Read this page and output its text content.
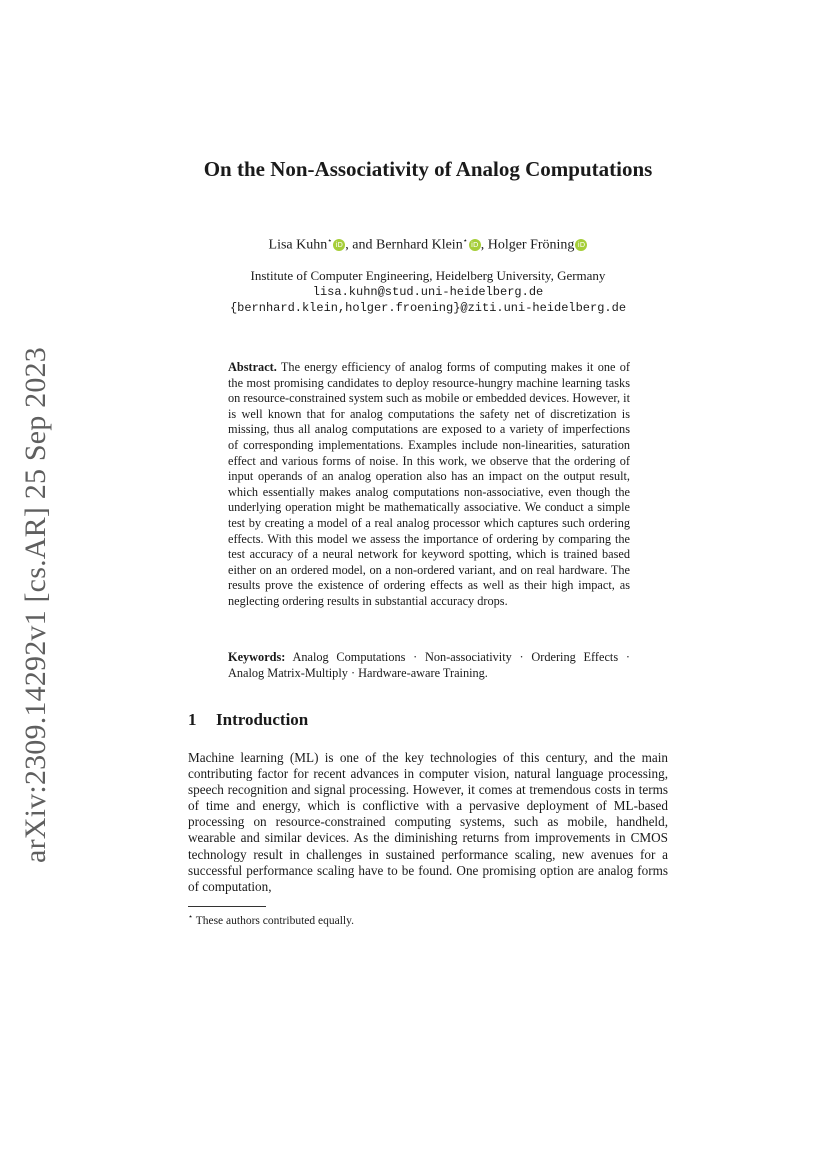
arXiv:2309.14292v1 [cs.AR] 25 Sep 2023
On the Non-Associativity of Analog Computations
Lisa Kuhn⋆ iD , and Bernhard Klein⋆ iD , Holger Fröning iD
Institute of Computer Engineering, Heidelberg University, Germany
lisa.kuhn@stud.uni-heidelberg.de
{bernhard.klein,holger.froening}@ziti.uni-heidelberg.de
Abstract. The energy efficiency of analog forms of computing makes it one of the most promising candidates to deploy resource-hungry machine learning tasks on resource-constrained system such as mobile or embedded devices. However, it is well known that for analog computations the safety net of discretization is missing, thus all analog computations are exposed to a variety of imperfections of corresponding implementations. Examples include non-linearities, saturation effect and various forms of noise. In this work, we observe that the ordering of input operands of an analog operation also has an impact on the output result, which essentially makes analog computations non-associative, even though the underlying operation might be mathematically associative. We conduct a simple test by creating a model of a real analog processor which captures such ordering effects. With this model we assess the importance of ordering by comparing the test accuracy of a neural network for keyword spotting, which is trained based either on an ordered model, on a non-ordered variant, and on real hardware. The results prove the existence of ordering effects as well as their high impact, as neglecting ordering results in substantial accuracy drops.
Keywords: Analog Computations · Non-associativity · Ordering Effects · Analog Matrix-Multiply · Hardware-aware Training.
1 Introduction
Machine learning (ML) is one of the key technologies of this century, and the main contributing factor for recent advances in computer vision, natural language processing, speech recognition and signal processing. However, it comes at tremendous costs in terms of time and energy, which is conflictive with a pervasive deployment of ML-based processing on resource-constrained computing systems, such as mobile, handheld, wearable and similar devices. As the diminishing returns from improvements in CMOS technology result in challenges in sustained performance scaling, new avenues for a successful performance scaling have to be found. One promising option are analog forms of computation,
⋆ These authors contributed equally.
